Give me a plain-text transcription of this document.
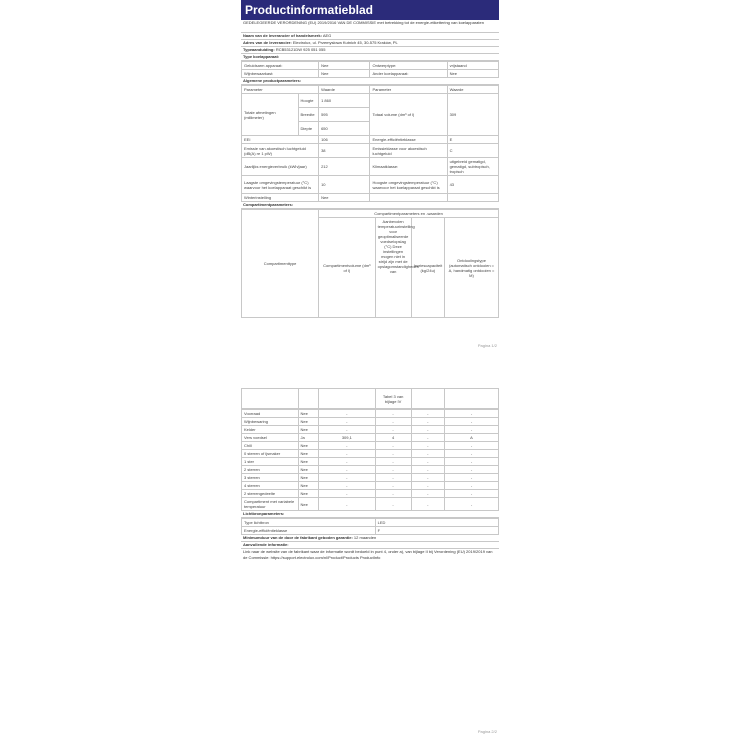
Productinformatieblad
GEDELEGEERDE VERORDENING (EU) 2019/2016 VAN DE COMMISSIE met betrekking tot de energie-etikettering van koelapparaten
Naam van de leverancier of handelsmerk: AEG
Adres van de leverancier: Electrolux, ul. Przemysłowa Kutnich 45, 30-575 Kraków, PL
Typeaanduiding: RCB53121DW 925 051 055
Type koelapparaat:
Geluidsarm apparaat:	Nee	Ontwerptype:	vrijstaand
Wijnbewaarkast:	Nee	Ander koelapparaat:	Nee
Algemene productparameters:
Parameter		Waarde	Parameter	Waarde
Totale afmetingen (millimeter)	Hoogte	1 860	Totaal volume (dm³ of l)	309
	Breedte	595		
	Diepte	650		
EEI		106	Energie-efficiëntieklasse	E
Emissie van akoestisch luchtgeluid (dB(A) re 1 pW)		38	Emissieklasse voor akoestisch luchtgeluid	C
Jaarlijks energieverbruik (kWh/jaar)		212	Klimaatklasse:	uitgebreid gematigd, gematigd, subtropisch, tropisch
Laagste omgevingstemperatuur (°C) waarvoor het koelapparaat geschikt is		10	Hoogste omgevingstemperatuur (°C) waarvoor het koelapparaat geschikt is	43
Winterinstelling		Nee		
Compartimentparameters:
Compartimenttype	Compartimentparameters en -waarden			
	Compartimentvolume (dm³ of l)	Aanbevolen temperatuurinstelling voor geoptimaliseerde voedselopslag (°C) Deze instellingen mogen niet in strijd zijn met de opslagomstandigheden van	Invriescapaciteit (kg/24u)	Ontdooiingstype (automatisch ontdooien = A, handmatig ontdooien = M)
Pagina 1/2
			Tabel 3 van bijlage IV		
Voorraad	Nee	-	-	-	-
Wijnbewaring	Nee	-	-	-	-
Kelder	Nee	-	-	-	-
Vers voedsel	Ja	309,1	4	-	A
Chill	Nee	-	-	-	-
0 sterren of ijsmaker	Nee	-	-	-	-
1 ster	Nee	-	-	-	-
2 sterren	Nee	-	-	-	-
3 sterren	Nee	-	-	-	-
4 sterren	Nee	-	-	-	-
2 sterrengedeelte	Nee	-	-	-	-
Compartiment met variabele temperatuur	Nee	-	-	-	-
Lichtbronparameters:
Type lichtbron	LED
Energie-efficiëntieklasse	F
Minimumduur van de door de fabrikant geboden garantie: 12 maanden
Aanvullende informatie:
Link naar de website van de fabrikant waar de informatie wordt bedoeld in punt 4, onder a), van bijlage II bij Verordening (EU) 2019/2019 van de Commissie: https://support.electrolux.com/nl/Product/Products ProductInfo
Pagina 2/2
